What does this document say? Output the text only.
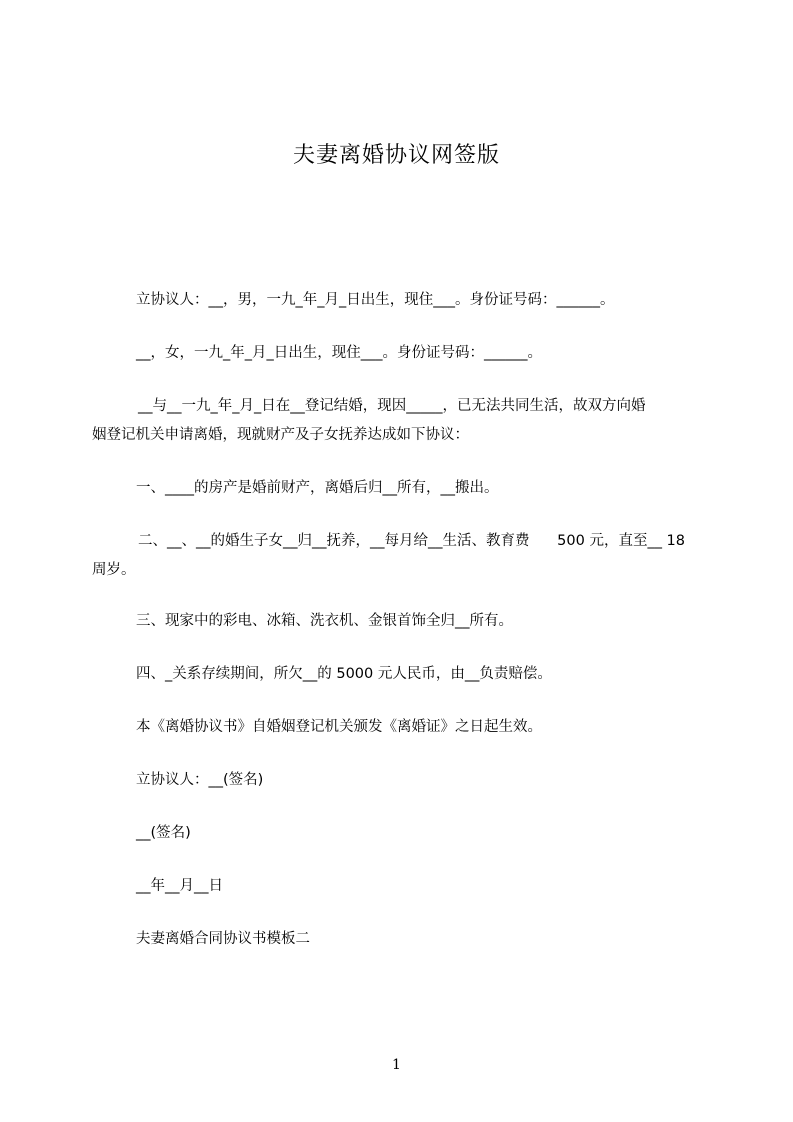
夫妻离婚协议网签版
立协议人：__，男，一九_年_月_日出生，现住___。身份证号码：______。
__，女，一九_年_月_日出生，现住___。身份证号码：______。
__与__一九_年_月_日在__登记结婚，现因_____，已无法共同生活，故双方向婚
姻登记机关申请离婚，现就财产及子女抚养达成如下协议：
一、____的房产是婚前财产，离婚后归__所有，__搬出。
二、__、__的婚生子女__归__抚养，__每月给__生活、教育费      500 元，直至__ 18
周岁。
三、现家中的彩电、冰箱、洗衣机、金银首饰全归__所有。
四、_关系存续期间，所欠__的 5000 元人民币，由__负责赔偿。
本《离婚协议书》自婚姻登记机关颁发《离婚证》之日起生效。
立协议人：__(签名)
__(签名)
__年__月__日
夫妻离婚合同协议书模板二
1
